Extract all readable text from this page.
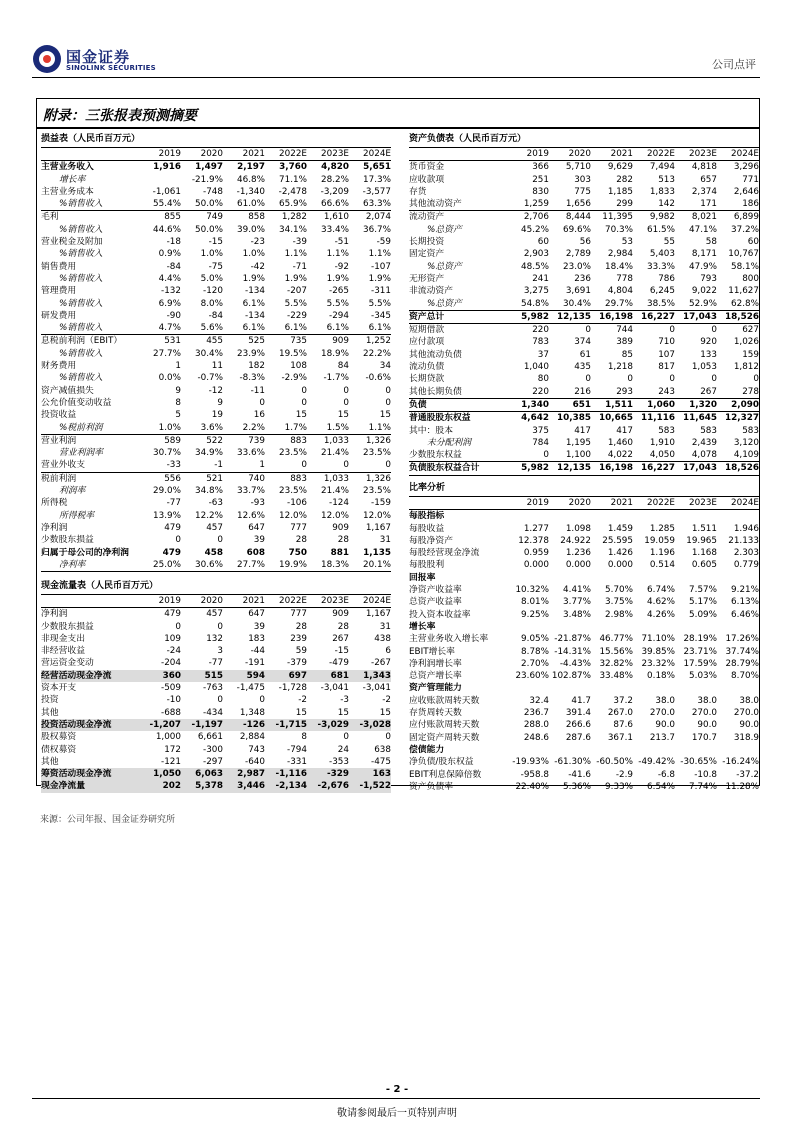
国金证券
SINOLINK SECURITIES	公司点评
附录：三张报表预测摘要
损益表（人民币百万元）
	2019	2020	2021	2022E	2023E	2024E
主营业务收入	1,916	1,497	2,197	3,760	4,820	5,651
增长率		-21.9%	46.8%	71.1%	28.2%	17.3%
主营业务成本	-1,061	-748	-1,340	-2,478	-3,209	-3,577
%销售收入	55.4%	50.0%	61.0%	65.9%	66.6%	63.3%
毛利	855	749	858	1,282	1,610	2,074
%销售收入	44.6%	50.0%	39.0%	34.1%	33.4%	36.7%
营业税金及附加	-18	-15	-23	-39	-51	-59
%销售收入	0.9%	1.0%	1.0%	1.1%	1.1%	1.1%
销售费用	-84	-75	-42	-71	-92	-107
%销售收入	4.4%	5.0%	1.9%	1.9%	1.9%	1.9%
管理费用	-132	-120	-134	-207	-265	-311
%销售收入	6.9%	8.0%	6.1%	5.5%	5.5%	5.5%
研发费用	-90	-84	-134	-229	-294	-345
%销售收入	4.7%	5.6%	6.1%	6.1%	6.1%	6.1%
息税前利润（EBIT）	531	455	525	735	909	1,252
%销售收入	27.7%	30.4%	23.9%	19.5%	18.9%	22.2%
财务费用	1	11	182	108	84	34
%销售收入	0.0%	-0.7%	-8.3%	-2.9%	-1.7%	-0.6%
资产减值损失	9	-12	-11	0	0	0
公允价值变动收益	8	9	0	0	0	0
投资收益	5	19	16	15	15	15
%税前利润	1.0%	3.6%	2.2%	1.7%	1.5%	1.1%
营业利润	589	522	739	883	1,033	1,326
营业利润率	30.7%	34.9%	33.6%	23.5%	21.4%	23.5%
营业外收支	-33	-1	1	0	0	0
税前利润	556	521	740	883	1,033	1,326
利润率	29.0%	34.8%	33.7%	23.5%	21.4%	23.5%
所得税	-77	-63	-93	-106	-124	-159
所得税率	13.9%	12.2%	12.6%	12.0%	12.0%	12.0%
净利润	479	457	647	777	909	1,167
少数股东损益	0	0	39	28	28	31
归属于母公司的净利润	479	458	608	750	881	1,135
净利率	25.0%	30.6%	27.7%	19.9%	18.3%	20.1%
资产负债表（人民币百万元）
	2019	2020	2021	2022E	2023E	2024E
货币资金	366	5,710	9,629	7,494	4,818	3,296
应收款项	251	303	282	513	657	771
存货	830	775	1,185	1,833	2,374	2,646
其他流动资产	1,259	1,656	299	142	171	186
流动资产	2,706	8,444	11,395	9,982	8,021	6,899
%总资产	45.2%	69.6%	70.3%	61.5%	47.1%	37.2%
长期投资	60	56	53	55	58	60
固定资产	2,903	2,789	2,984	5,403	8,171	10,767
%总资产	48.5%	23.0%	18.4%	33.3%	47.9%	58.1%
无形资产	241	236	778	786	793	800
非流动资产	3,275	3,691	4,804	6,245	9,022	11,627
%总资产	54.8%	30.4%	29.7%	38.5%	52.9%	62.8%
资产总计	5,982	12,135	16,198	16,227	17,043	18,526
短期借款	220	0	744	0	0	627
应付款项	783	374	389	710	920	1,026
其他流动负债	37	61	85	107	133	159
流动负债	1,040	435	1,218	817	1,053	1,812
长期贷款	80	0	0	0	0	0
其他长期负债	220	216	293	243	267	278
负债	1,340	651	1,511	1,060	1,320	2,090
普通股股东权益	4,642	10,385	10,665	11,116	11,645	12,327
其中：股本	375	417	417	583	583	583
未分配利润	784	1,195	1,460	1,910	2,439	3,120
少数股东权益	0	1,100	4,022	4,050	4,078	4,109
负债股东权益合计	5,982	12,135	16,198	16,227	17,043	18,526
比率分析
	2019	2020	2021	2022E	2023E	2024E
每股指标						
每股收益	1.277	1.098	1.459	1.285	1.511	1.946
每股净资产	12.378	24.922	25.595	19.059	19.965	21.133
每股经营现金净流	0.959	1.236	1.426	1.196	1.168	2.303
每股股利	0.000	0.000	0.000	0.514	0.605	0.779
回报率						
净资产收益率	10.32%	4.41%	5.70%	6.74%	7.57%	9.21%
总资产收益率	8.01%	3.77%	3.75%	4.62%	5.17%	6.13%
投入资本收益率	9.25%	3.48%	2.98%	4.26%	5.09%	6.46%
增长率						
主营业务收入增长率	9.05%	-21.87%	46.77%	71.10%	28.19%	17.26%
EBIT增长率	8.78%	-14.31%	15.56%	39.85%	23.71%	37.74%
净利润增长率	2.70%	-4.43%	32.82%	23.32%	17.59%	28.79%
总资产增长率	23.60%	102.87%	33.48%	0.18%	5.03%	8.70%
资产管理能力						
应收账款周转天数	32.4	41.7	37.2	38.0	38.0	38.0
存货周转天数	236.7	391.4	267.0	270.0	270.0	270.0
应付账款周转天数	288.0	266.6	87.6	90.0	90.0	90.0
固定资产周转天数	248.6	287.6	367.1	213.7	170.7	318.9
偿债能力						
净负债/股东权益	-19.93%	-61.30%	-60.50%	-49.42%	-30.65%	-16.24%
EBIT利息保障倍数	-958.8	-41.6	-2.9	-6.8	-10.8	-37.2
资产负债率	22.40%	5.36%	9.33%	6.54%	7.74%	11.28%
现金流量表（人民币百万元）
	2019	2020	2021	2022E	2023E	2024E
净利润	479	457	647	777	909	1,167
少数股东损益	0	0	39	28	28	31
非现金支出	109	132	183	239	267	438
非经营收益	-24	3	-44	59	-15	6
营运资金变动	-204	-77	-191	-379	-479	-267
经营活动现金净流	360	515	594	697	681	1,343
资本开支	-509	-763	-1,475	-1,728	-3,041	-3,041
投资	-10	0	0	-2	-3	-2
其他	-688	-434	1,348	15	15	15
投资活动现金净流	-1,207	-1,197	-126	-1,715	-3,029	-3,028
股权募资	1,000	6,661	2,884	8	0	0
债权募资	172	-300	743	-794	24	638
其他	-121	-297	-640	-331	-353	-475
筹资活动现金净流	1,050	6,063	2,987	-1,116	-329	163
现金净流量	202	5,378	3,446	-2,134	-2,676	-1,522
来源：公司年报、国金证券研究所
- 2 -
敬请参阅最后一页特别声明
